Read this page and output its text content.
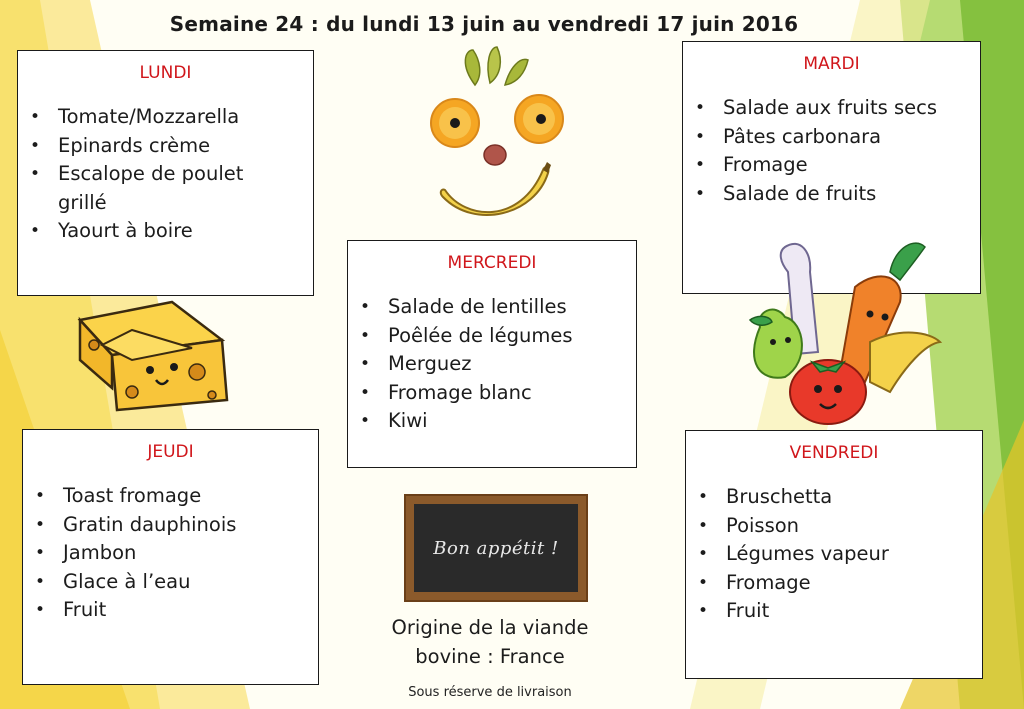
Semaine 24 : du lundi 13 juin au vendredi 17 juin 2016
LUNDI
• Tomate/Mozzarella
• Epinards crème
• Escalope de poulet grillé
• Yaourt à boire
MARDI
• Salade aux fruits secs
• Pâtes carbonara
• Fromage
• Salade de fruits
MERCREDI
• Salade de lentilles
• Poêlée de légumes
• Merguez
• Fromage blanc
• Kiwi
JEUDI
• Toast fromage
• Gratin dauphinois
• Jambon
• Glace à l’eau
• Fruit
VENDREDI
• Bruschetta
• Poisson
• Légumes vapeur
• Fromage
• Fruit
Bon appétit !
Origine de la viande bovine : France
Sous réserve de livraison
